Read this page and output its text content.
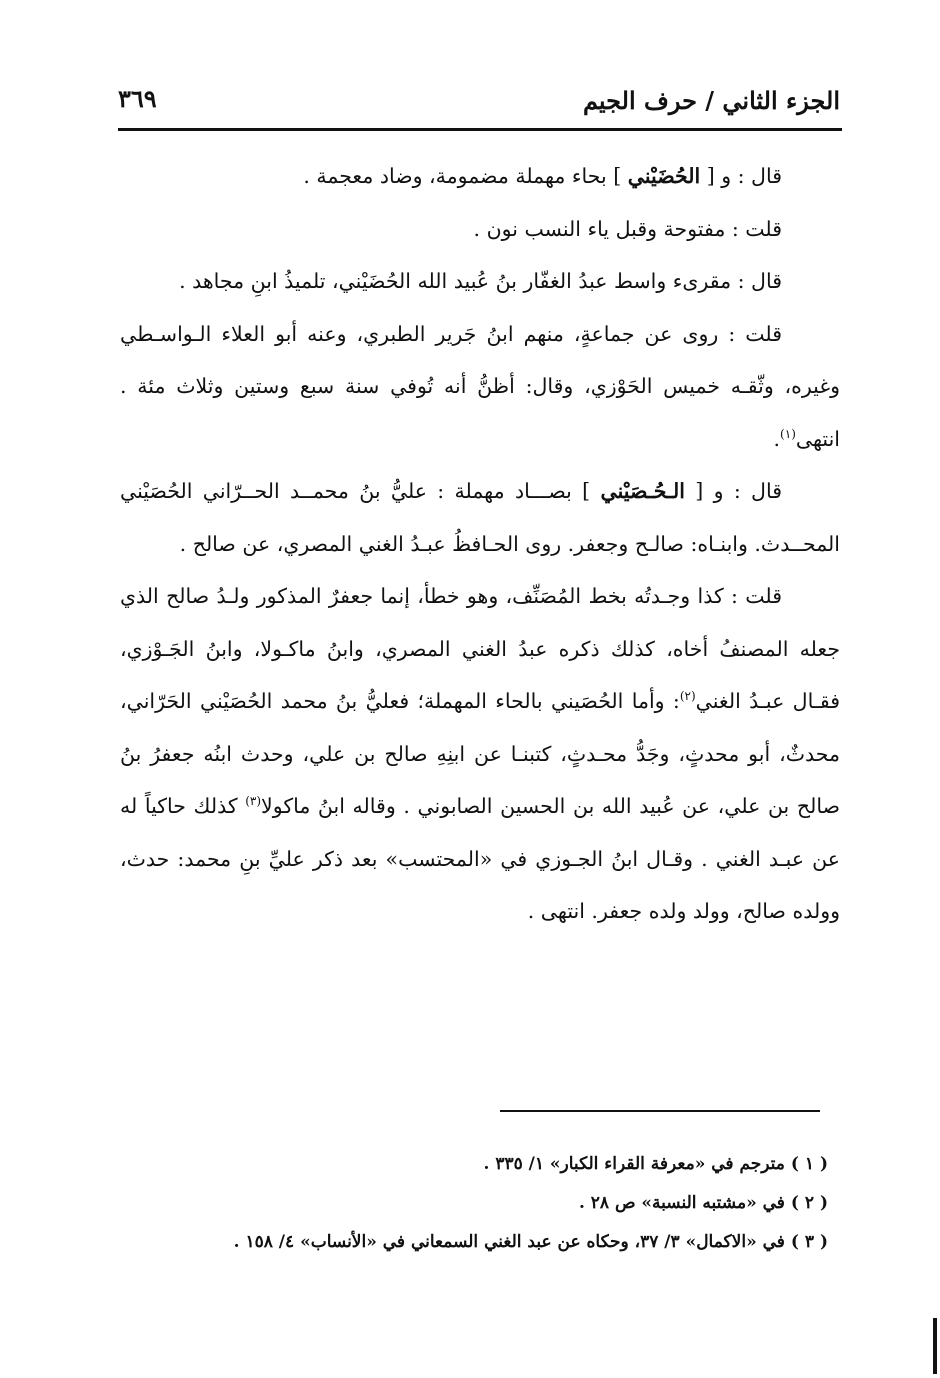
الجزء الثاني / حرف الجيم
٣٦٩

قال : و [ الحُضَيْني ] بحاء مهملة مضمومة، وضاد معجمة .

قلت : مفتوحة وقبل ياء النسب نون .

قال : مقرىء واسط عبدُ الغفّار بنُ عُبيد الله الحُضَيْني، تلميذُ ابنِ مجاهد .

قلت : روى عن جماعةٍ، منهم ابنُ جَرير الطبري، وعنه أبو العلاء الـواسـطي وغيره، وثّقـه خميس الحَوْزي، وقال: أظنُّ أنه تُوفي سنة سبع وستين وثلاث مئة . انتهى$^{(١)}$.

قال : و [ الـحُـصَيْني ] بصـــاد مهملة : عليُّ بنُ محمــد الحــرّاني الحُصَيْني المحــدث. وابنـاه: صالـح وجعفر. روى الحـافظُ عبـدُ الغني المصري، عن صالح .

قلت : كذا وجـدتُه بخط المُصَنِّف، وهو خطأ، إنما جعفرٌ المذكور ولـدُ صالح الذي جعله المصنفُ أخاه، كذلك ذكره عبدُ الغني المصري، وابنُ ماكـولا، وابنُ الجَـوْزي، فقـال عبـدُ الغني$^{(٢)}$: وأما الحُصَيني بالحاء المهملة؛ فعليُّ بنُ محمد الحُصَيْني الحَرّاني، محدثٌ، أبو محدثٍ، وجَدُّ محـدثٍ، كتبنـا عن ابنِهِ صالح بن علي، وحدث ابنُه جعفرُ بنُ صالح بن علي، عن عُبيد الله بن الحسين الصابوني . وقاله ابنُ ماكولا$^{(٣)}$ كذلك حاكياً له عن عبـد الغني . وقـال ابنُ الجـوزي في «المحتسب» بعد ذكر عليِّ بنِ محمد: حدث، وولده صالح، وولد ولده جعفر. انتهى .

( ١ )مترجم في «معرفة القراء الكبار» ١/ ٣٣٥ .
( ٢ )في «مشتبه النسبة» ص ٢٨ .
( ٣ )في «الاكمال» ٣/ ٣٧، وحكاه عن عبد الغني السمعاني في «الأنساب» ٤/ ١٥٨ .
